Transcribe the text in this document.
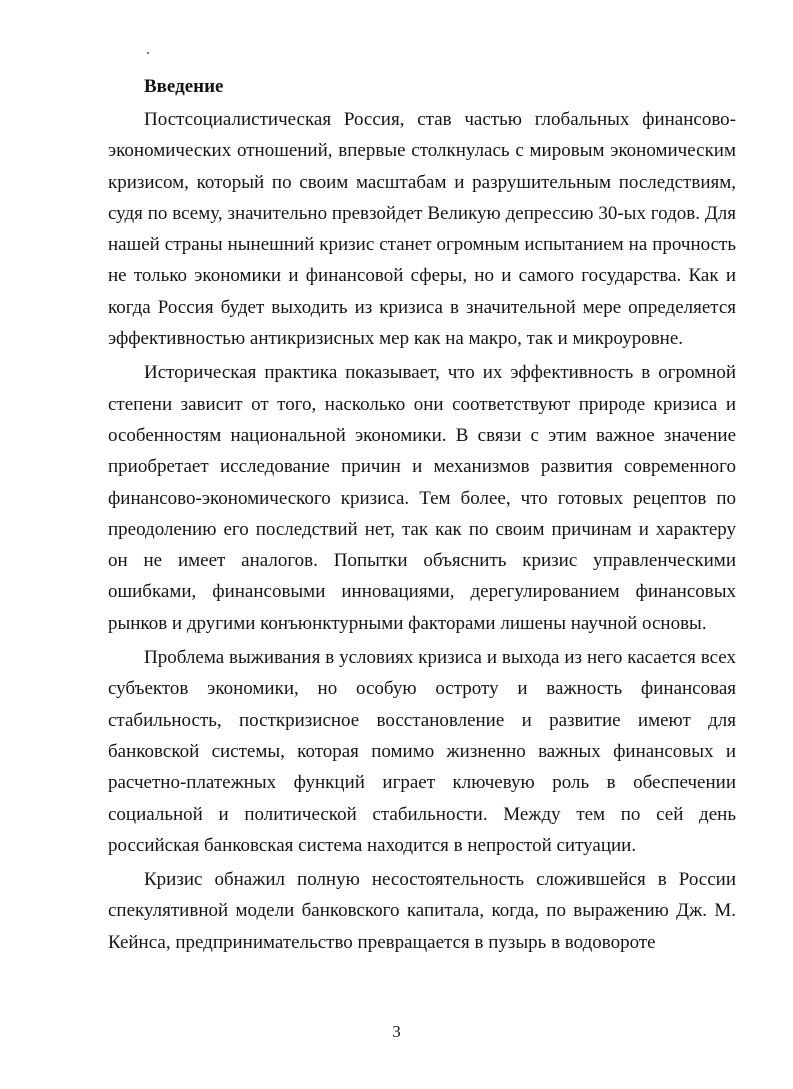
Введение

Постсоциалистическая Россия, став частью глобальных финансово-экономических отношений, впервые столкнулась с мировым экономическим кризисом, который по своим масштабам и разрушительным последствиям, судя по всему, значительно превзойдет Великую депрессию 30-ых годов. Для нашей страны нынешний кризис станет огромным испытанием на прочность не только экономики и финансовой сферы, но и самого государства. Как и когда Россия будет выходить из кризиса в значительной мере определяется эффективностью антикризисных мер как на макро, так и микроуровне.

Историческая практика показывает, что их эффективность в огромной степени зависит от того, насколько они соответствуют природе кризиса и особенностям национальной экономики. В связи с этим важное значение приобретает исследование причин и механизмов развития современного финансово-экономического кризиса. Тем более, что готовых рецептов по преодолению его последствий нет, так как по своим причинам и характеру он не имеет аналогов. Попытки объяснить кризис управленческими ошибками, финансовыми инновациями, дерегулированием финансовых рынков и другими конъюнктурными факторами лишены научной основы.

Проблема выживания в условиях кризиса и выхода из него касается всех субъектов экономики, но особую остроту и важность финансовая стабильность, посткризисное восстановление и развитие имеют для банковской системы, которая помимо жизненно важных финансовых и расчетно-платежных функций играет ключевую роль в обеспечении социальной и политической стабильности. Между тем по сей день российская банковская система находится в непростой ситуации.

Кризис обнажил полную несостоятельность сложившейся в России спекулятивной модели банковского капитала, когда, по выражению Дж. М. Кейнса, предпринимательство превращается в пузырь в водовороте

3
